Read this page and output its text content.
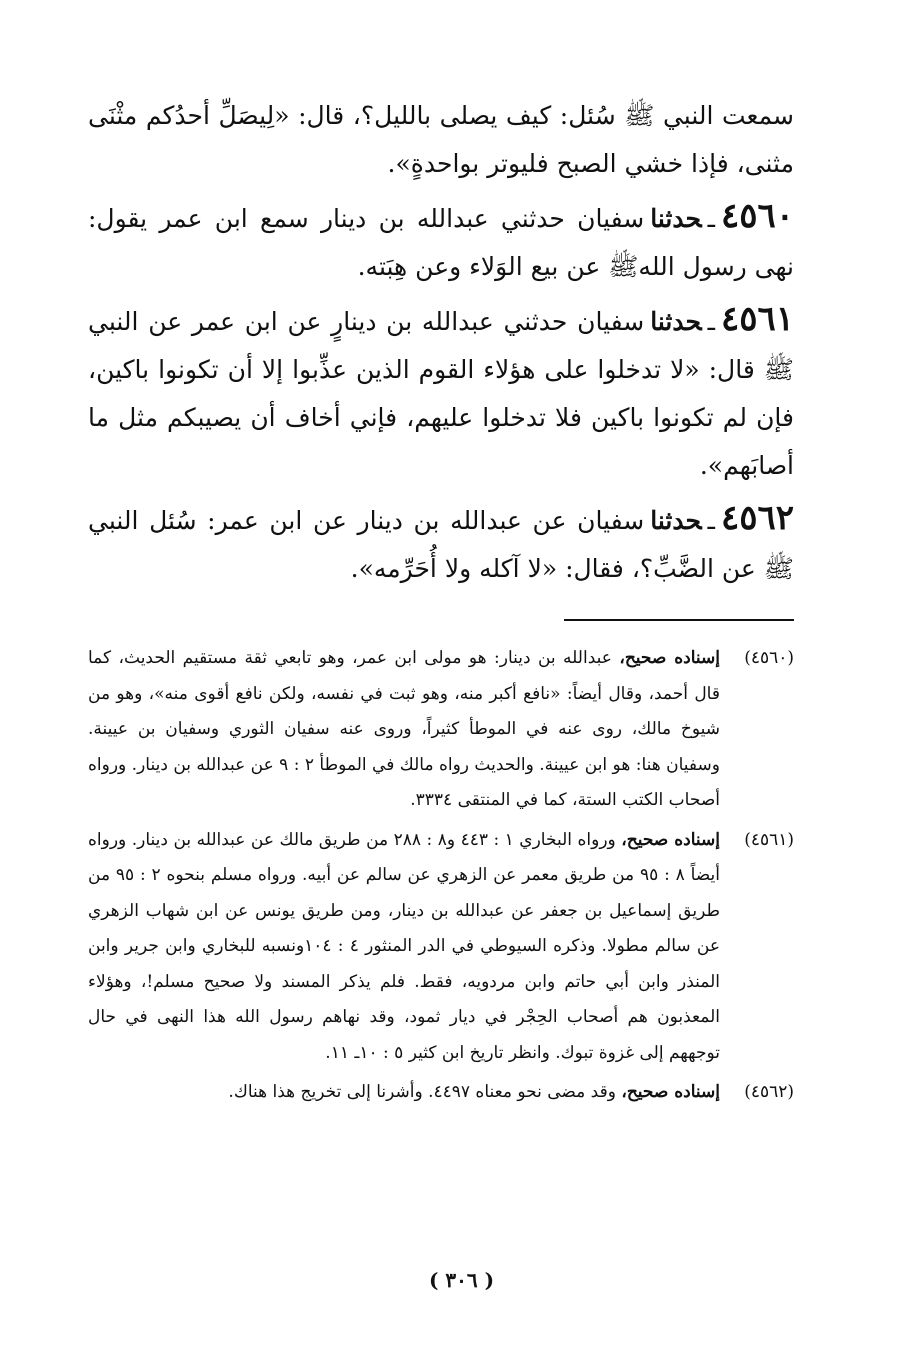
سمعت النبي ﷺ سُئل: كيف يصلى بالليل؟، قال: «لِيصَلِّ أحدُكم مثْنَى مثنى، فإذا خشي الصبح فليوتر بواحدةٍ».

٤٥٦٠ـحدثناسفيان حدثني عبدالله بن دينار سمع ابن عمر يقول: نهى رسول اللهﷺ عن بيع الوَلاء وعن هِبَته.

٤٥٦١ـحدثناسفيان حدثني عبدالله بن دينارٍ عن ابن عمر عن النبي ﷺ قال: «لا تدخلوا على هؤلاء القوم الذين عذِّبوا إلا أن تكونوا باكين، فإن لم تكونوا باكين فلا تدخلوا عليهم، فإني أخاف أن يصيبكم مثل ما أصابَهم».

٤٥٦٢ـحدثناسفيان عن عبدالله بن دينار عن ابن عمر: سُئل النبي ﷺ عن الضَّبِّ؟، فقال: «لا آكله ولا أُحَرِّمه».

(٤٥٦٠)إسناده صحيح، عبدالله بن دينار: هو مولى ابن عمر، وهو تابعي ثقة مستقيم الحديث، كما قال أحمد، وقال أيضاً: «نافع أكبر منه، وهو ثبت في نفسه، ولكن نافع أقوى منه»، وهو من شيوخ مالك، روى عنه في الموطأ كثيراً، وروى عنه سفيان الثوري وسفيان بن عيينة. وسفيان هنا: هو ابن عيينة. والحديث رواه مالك في الموطأ ٢ : ٩ عن عبدالله بن دينار. ورواه أصحاب الكتب الستة، كما في المنتقى ٣٣٣٤.

(٤٥٦١)إسناده صحيح، ورواه البخاري ١ : ٤٤٣ و٨ : ٢٨٨ من طريق مالك عن عبدالله بن دينار. ورواه أيضاً ٨ : ٩٥ من طريق معمر عن الزهري عن سالم عن أبيه. ورواه مسلم بنحوه ٢ : ٩٥ من طريق إسماعيل بن جعفر عن عبدالله بن دينار، ومن طريق يونس عن ابن شهاب الزهري عن سالم مطولا. وذكره السيوطي في الدر المنثور ٤ : ١٠٤ونسبه للبخاري وابن جرير وابن المنذر وابن أبي حاتم وابن مردويه، فقط. فلم يذكر المسند ولا صحيح مسلم!، وهؤلاء المعذبون هم أصحاب الحِجْر في ديار ثمود، وقد نهاهم رسول الله هذا النهى في حال توجههم إلى غزوة تبوك. وانظر تاريخ ابن كثير ٥ : ١٠ـ ١١.

(٤٥٦٢)إسناده صحيح، وقد مضى نحو معناه ٤٤٩٧. وأشرنا إلى تخريج هذا هناك.

( ٣٠٦ )
